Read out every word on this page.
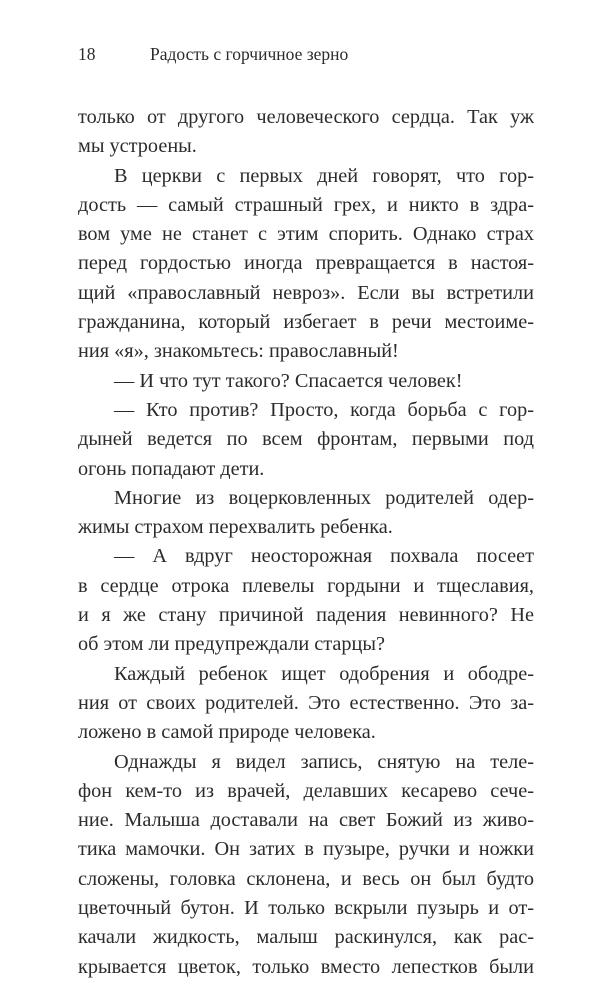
18	Радость с горчичное зерно
только от другого человеческого сердца. Так уж
мы устроены.
В церкви с первых дней говорят, что гор-
дость — самый страшный грех, и никто в здра-
вом уме не станет с этим спорить. Однако страх
перед гордостью иногда превращается в настоя-
щий «православный невроз». Если вы встретили
гражданина, который избегает в речи местоиме-
ния «я», знакомьтесь: православный!
— И что тут такого? Спасается человек!
— Кто против? Просто, когда борьба с гор-
дыней ведется по всем фронтам, первыми под
огонь попадают дети.
Многие из воцерковленных родителей одер-
жимы страхом перехвалить ребенка.
— А вдруг неосторожная похвала посеет
в сердце отрока плевелы гордыни и тщеславия,
и я же стану причиной падения невинного? Не
об этом ли предупреждали старцы?
Каждый ребенок ищет одобрения и ободре-
ния от своих родителей. Это естественно. Это за-
ложено в самой природе человека.
Однажды я видел запись, снятую на теле-
фон кем-то из врачей, делавших кесарево сече-
ние. Малыша доставали на свет Божий из живо-
тика мамочки. Он затих в пузыре, ручки и ножки
сложены, головка склонена, и весь он был будто
цветочный бутон. И только вскрыли пузырь и от-
качали жидкость, малыш раскинулся, как рас-
крывается цветок, только вместо лепестков были
